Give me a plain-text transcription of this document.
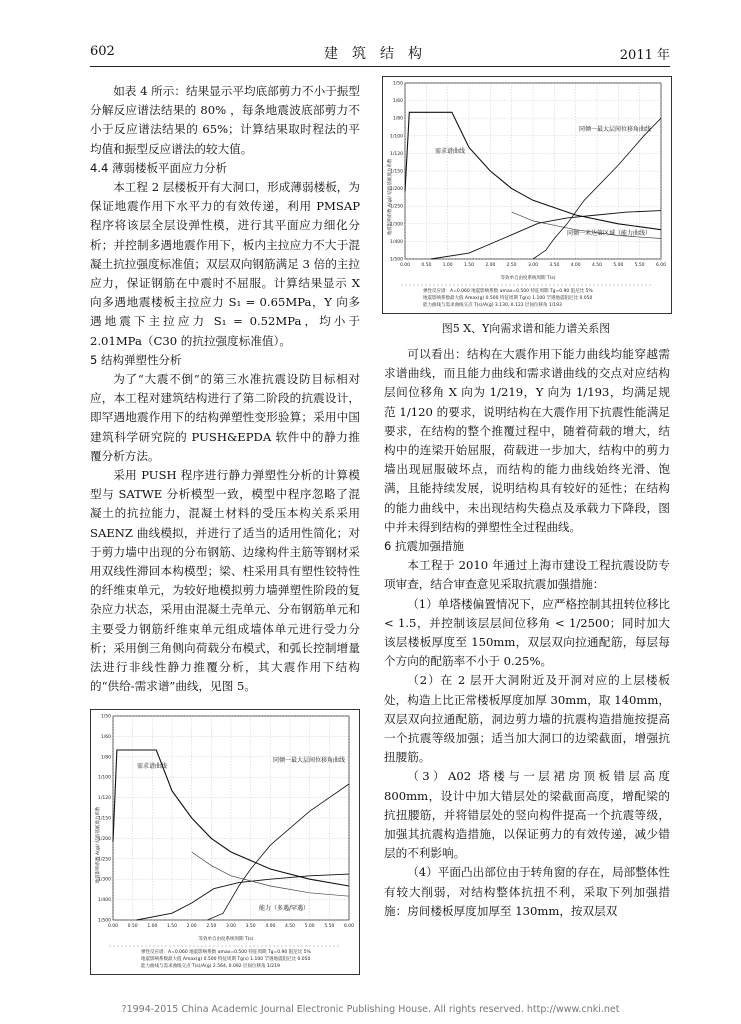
602	建筑结构	2011 年

如表 4 所示：结果显示平均底部剪力不小于振型分解反应谱法结果的 80% ，每条地震波底部剪力不小于反应谱法结果的 65%；计算结果取时程法的平均值和振型反应谱法的较大值。

4.4 薄弱楼板平面应力分析

本工程 2 层楼板开有大洞口，形成薄弱楼板，为保证地震作用下水平力的有效传递，利用 PMSAP 程序将该层全层设弹性模，进行其平面应力细化分析；并控制多遇地震作用下，板内主拉应力不大于混凝土抗拉强度标准值；双层双向钢筋满足 3 倍的主拉应力，保证钢筋在中震时不屈服。计算结果显示 X 向多遇地震楼板主拉应力 S₁ = 0.65MPa，Y 向多遇地震下主拉应力 S₁ = 0.52MPa，均小于 2.01MPa（C30 的抗拉强度标准值）。

5 结构弹塑性分析

为了“大震不倒”的第三水准抗震设防目标相对应，本工程对建筑结构进行了第二阶段的抗震设计，即罕遇地震作用下的结构弹塑性变形验算；采用中国建筑科学研究院的 PUSH&EPDA 软件中的静力推覆分析方法。

采用 PUSH 程序进行静力弹塑性分析的计算模型与 SATWE 分析模型一致，模型中程序忽略了混凝土的抗拉能力，混凝土材料的受压本构关系采用 SAENZ 曲线模拟，并进行了适当的适用性简化；对于剪力墙中出现的分布钢筋、边缘构件主筋等钢材采用双线性滞回本构模型；梁、柱采用具有塑性铰特性的纤维束单元，为较好地模拟剪力墙弹塑性阶段的复杂应力状态，采用由混凝土壳单元、分布钢筋单元和主要受力钢筋纤维束单元组成墙体单元进行受力分析；采用倒三角侧向荷载分布模式，和弧长控制增量法进行非线性静力推覆分析，其大震作用下结构的“供给-需求谱”曲线，见图 5。

0.00 0.50 1.00 1.50 2.00 2.50 3.00 3.50 4.00 4.50 5.00 5.50 6.00
1/500
1/400
1/300
1/250
1/200
1/150
1/120
1/100
1/80
1/60
1/50
需求谱曲线
同倾一最大层间位移角曲线
能力（多遇/罕遇）
等效单自由度系统周期 T(s)
地震影响系数 A(g)/ 结构基底剪力系数
弹性反应谱：A=0.060 地震影响系数 αmax=0.500 特征周期 Tg=0.90 阻尼比 5%
地震影响系数最大值 Amax(g) 0.500 特征周期 Tg(s) 1.100 罕遇地震阻尼比 0.050
能力曲线与需求曲线交点 T(s)/A(g) 2.564, 0.092 层间位移角 1/219
0.00	0.50	1.00	1.50	2.00	2.50	3.00	3.50	4.00	4.50	5.00	5.50	6.00
1/500
1/400
1/300
1/250
1/200
1/150
1/120
1/100
1/80
1/60
1/50
需求谱曲线
同倾一最大层间位移角曲线
同倾一未达第区域（能力曲线）
等效单自由度系统周期 T(s)
地震影响系数 A(g)/ 结构基底剪力系数
弹性反应谱：A=0.060 地震影响系数 αmax=0.500 特征周期 Tg=0.90 阻尼比 5%
地震影响系数最大值 Amax(g) 0.500 特征周期 Tg(s) 1.100 罕遇地震阻尼比 0.050
能力曲线与需求曲线交点 T(s)/A(g) 3.130, 0.122 层间位移角 1/193
图5 X、Y向需求谱和能力谱关系图

可以看出：结构在大震作用下能力曲线均能穿越需求谱曲线，而且能力曲线和需求谱曲线的交点对应结构层间位移角 X 向为 1/219，Y 向为 1/193，均满足规范 1/120 的要求，说明结构在大震作用下抗震性能满足要求，在结构的整个推覆过程中，随着荷载的增大，结构中的连梁开始屈服，荷载进一步加大，结构中的剪力墙出现屈服破坏点，而结构的能力曲线始终光滑、饱满，且能持续发展，说明结构具有较好的延性；在结构的能力曲线中，未出现结构失稳点及承载力下降段，图中并未得到结构的弹塑性全过程曲线。

6 抗震加强措施

本工程于 2010 年通过上海市建设工程抗震设防专项审查，结合审查意见采取抗震加强措施：

（1）单塔楼偏置情况下，应严格控制其扭转位移比 < 1.5，并控制该层层间位移角 < 1/2500；同时加大该层楼板厚度至 150mm，双层双向拉通配筋，每层每个方向的配筋率不小于 0.25%。

（2）在 2 层开大洞附近及开洞对应的上层楼板处，构造上比正常楼板厚度加厚 30mm，取 140mm，双层双向拉通配筋，洞边剪力墙的抗震构造措施按提高一个抗震等级加强；适当加大洞口的边梁截面，增强抗扭腰筋。

（3）A02 塔楼与一层裙房顶板错层高度 800mm，设计中加大错层处的梁截面高度，增配梁的抗扭腰筋，并将错层处的竖向构件提高一个抗震等级，加强其抗震构造措施，以保证剪力的有效传递，减少错层的不利影响。

（4）平面凸出部位由于转角窗的存在，局部整体性有较大削弱，对结构整体抗扭不利，采取下列加强措施：房间楼板厚度加厚至 130mm，按双层双

?1994-2015 China Academic Journal Electronic Publishing House. All rights reserved. http://www.cnki.net
